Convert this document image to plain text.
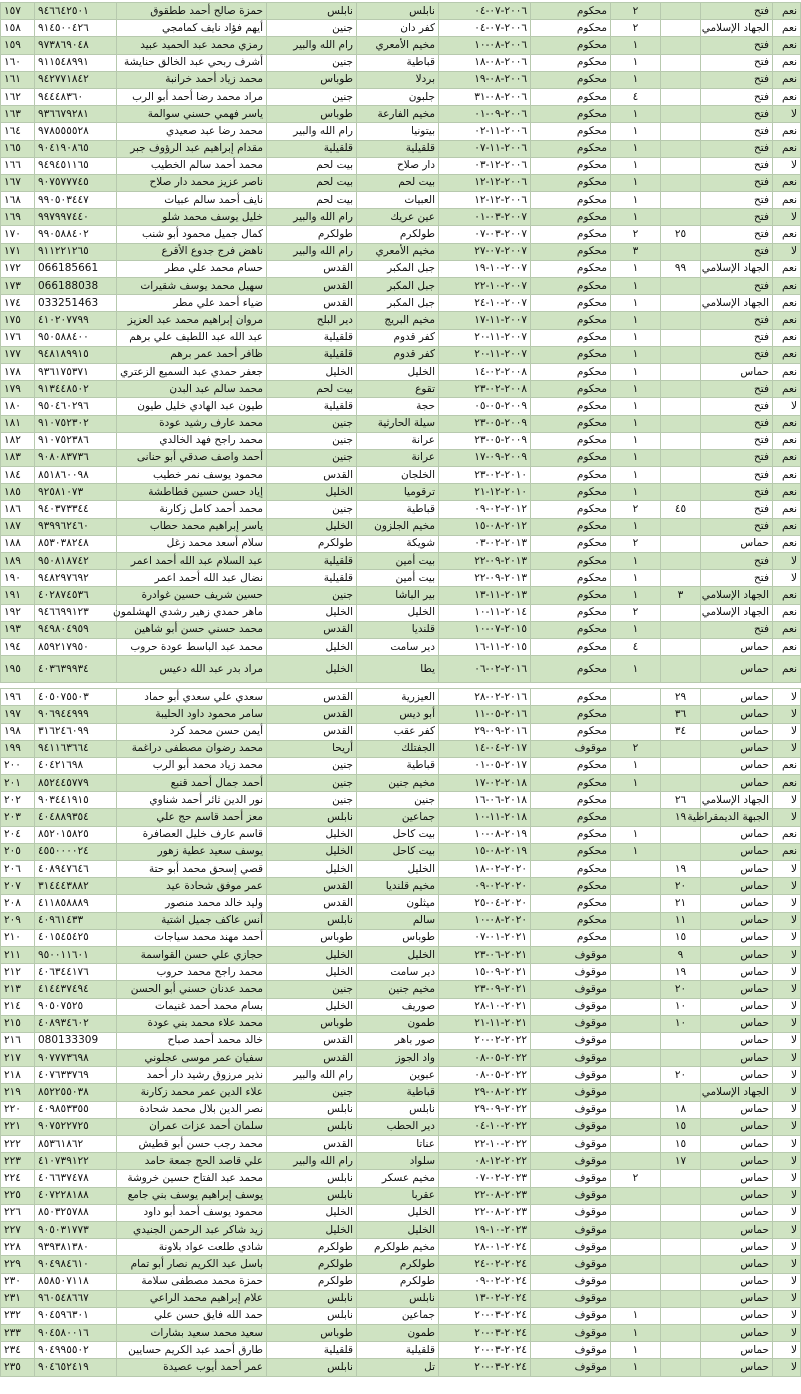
١٥٧	٩٤٦٦٤٢٥٠١	حمزة صالح أحمد ططقوق	نابلس	نابلس	٢٠٠٦-٠٧-٠٤	محكوم	٢		فتح	نعم
١٥٨	٩١٤٥٠٠٤٢٦	أيهم فؤاد نايف كمامجي	جنين	كفر دان	٢٠٠٦-٠٧-٠٤	محكوم	٢		الجهاد الإسلامي	نعم
١٥٩	٩٧٣٨٦٩٠٤٨	رمزي محمد عبد الحميد عبيد	رام الله والبير	مخيم الأمعري	٢٠٠٦-٠٨-١٠	محكوم	١		فتح	نعم
١٦٠	٩١١٥٤٨٩٩١	أشرف ربحي عبد الخالق حنايشة	جنين	قباطية	٢٠٠٦-٠٨-١٨	محكوم	١		فتح	نعم
١٦١	٩٤٢٧٧١٨٤٢	محمد زياد أحمد خرانبة	طوباس	بردلا	٢٠٠٦-٠٨-١٩	محكوم	١		فتح	نعم
١٦٢	٩٤٤٤٨٣٦٠	مراد محمد رضا أحمد أبو الرب	جنين	جلبون	٢٠٠٦-٠٨-٣١	محكوم	٤		فتح	نعم
١٦٣	٩٣٦٦٧٩٢٨١	ياسر فهمي حسني سوالمة	طوباس	مخيم الفارعة	٢٠٠٦-٠٩-٠١	محكوم	١		فتح	لا
١٦٤	٩٧٨٥٥٥٥٢٨	محمد رضا عبد صعيدي	رام الله والبير	بيتونيا	٢٠٠٦-١١-٠٢	محكوم	١		فتح	نعم
١٦٥	٩٠٤١٩٠٨٦٥	مقدام إبراهيم عبد الرؤوف جبر	قلقيلية	قلقيلية	٢٠٠٦-١١-٠٧	محكوم	١		فتح	نعم
١٦٦	٩٤٩٤٥١١٦٥	محمد أحمد سالم الخطيب	بيت لحم	دار صلاح	٢٠٠٦-١٢-٠٣	محكوم	١		فتح	لا
١٦٧	٩٠٧٥٧٧٧٤٥	ناصر عزيز محمد دار صلاح	بيت لحم	بيت لحم	٢٠٠٦-١٢-١٢	محكوم	١		فتح	نعم
١٦٨	٩٩٠٥٠٣٤٤٧	نايف أحمد سالم عبيات	بيت لحم	العبيات	٢٠٠٦-١٢-١٢	محكوم	١		فتح	نعم
١٦٩	٩٩٧٩٩٧٤٤٠	خليل يوسف محمد شلو	رام الله والبير	عين عريك	٢٠٠٧-٠٣-٠١	محكوم	١		فتح	لا
١٧٠	٩٩٠٥٨٨٤٠٢	كمال جميل محمود أبو شنب	طولكرم	طولكرم	٢٠٠٧-٠٣-٠٧	محكوم	٢	٢٥	فتح	نعم
١٧١	٩١١٢٢١٢٦٥	ناهض فرج جدوع الأقرع	رام الله والبير	مخيم الأمعري	٢٠٠٧-٠٧-٢٧	محكوم	٣		فتح	لا
١٧٢	066185661	حسام محمد علي مطر	القدس	جبل المكبر	٢٠٠٧-١٠-١٩	محكوم	١	٩٩	الجهاد الإسلامي	نعم
١٧٣	066188038	سهيل محمد يوسف شقيرات	القدس	جبل المكبر	٢٠٠٧-١٠-٢٢	محكوم	١		فتح	نعم
١٧٤	033251463	ضياء أحمد علي مطر	القدس	جبل المكبر	٢٠٠٧-١٠-٢٤	محكوم	١		الجهاد الإسلامي	نعم
١٧٥	٤١٠٢٠٧٧٩٩	مروان إبراهيم محمد عبد العزيز	دير البلح	مخيم البريج	٢٠٠٧-١١-١٧	محكوم	١		فتح	نعم
١٧٦	٩٥٠٥٨٨٤٠٠	عبد الله عبد اللطيف علي برهم	قلقيلية	كفر قدوم	٢٠٠٧-١١-٢٠	محكوم	١		فتح	نعم
١٧٧	٩٤٨١٨٩٩١٥	ظافر أحمد عمر برهم	قلقيلية	كفر قدوم	٢٠٠٧-١١-٢٠	محكوم	١		فتح	نعم
١٧٨	٩٣٦١٧٥٣٧١	جعفر حمدي عبد السميع الزعتري	الخليل	الخليل	٢٠٠٨-٠٢-١٤	محكوم	١		حماس	نعم
١٧٩	٩١٣٤٤٨٥٠٢	محمد سالم عبد البدن	بيت لحم	تقوع	٢٠٠٨-٠٢-٢٣	محكوم	١		فتح	نعم
١٨٠	٩٥٠٤٦٠٢٩٦	طيون عبد الهادي خليل طيون	قلقيلية	حجة	٢٠٠٩-٠٥-٠٥	محكوم	١		فتح	لا
١٨١	٩١٠٧٥٢٣٠٢	محمد عارف رشيد عودة	جنين	سيلة الحارثية	٢٠٠٩-٠٥-٢٣	محكوم	١		فتح	نعم
١٨٢	٩١٠٧٥٢٣٨٦	محمد راجح فهد الخالدي	جنين	عرانة	٢٠٠٩-٠٥-٢٣	محكوم	١		فتح	نعم
١٨٣	٩٠٨٠٨٣٧٣٦	أحمد واصف صدقي أبو حنانى	جنين	عرانة	٢٠٠٩-٠٩-١٧	محكوم	١		فتح	نعم
١٨٤	٨٥١٨٦٠٠٩٨	محمود يوسف نمر خطيب	القدس	الخلجان	٢٠١٠-٠٢-٢٣	محكوم	١		فتح	نعم
١٨٥	٩٢٥٨١٠٧٣	إياد حسن حسين قطاطشة	الخليل	ترقوميا	٢٠١٠-١٢-٢١	محكوم	١		فتح	نعم
١٨٦	٩٤٠٣٧٣٣٤٤	محمد أحمد كامل زكارنة	جنين	قباطية	٢٠١٢-٠٢-٠٩	محكوم	٢	٤٥	فتح	نعم
١٨٧	٩٣٩٩٦٢٤٦٠	ياسر إبراهيم محمد حطاب	الخليل	مخيم الجلزون	٢٠١٢-٠٨-١٥	محكوم	١		فتح	نعم
١٨٨	٨٥٣٠٣٨٢٤٨	سلام أسعد محمد زغل	طولكرم	شويكة	٢٠١٣-٠٢-٠٣	محكوم	٢		حماس	نعم
١٨٩	٩٥٠٨١٨٧٤٢	عبد السلام عبد الله أحمد اعمر	قلقيلية	بيت أمين	٢٠١٣-٠٩-٢٢	محكوم	١		فتح	لا
١٩٠	٩٤٨٢٩٧٦٩٢	نضال عبد الله أحمد اعمر	قلقيلية	بيت أمين	٢٠١٣-٠٩-٢٢	محكوم	١		فتح	لا
١٩١	٤٠٢٨٧٤٥٣٦	حسين شريف حسين غوادرة	جنين	بير الباشا	٢٠١٣-١١-١٣	محكوم	١	٣	الجهاد الإسلامي	نعم
١٩٢	٩٤٦٦٩٩١٢٣	ماهر حمدي زهير رشدي الهشلمون	الخليل	الخليل	٢٠١٤-١١-١٠	محكوم	٢		الجهاد الإسلامي	نعم
١٩٣	٩٤٩٨٠٤٩٥٩	محمد حسني حسن أبو شاهين	القدس	قلنديا	٢٠١٥-٠٧-١٠	محكوم	١		فتح	نعم
١٩٤	٨٥٩٢١٧٩٥٠	محمد عبد الباسط عودة حروب	الخليل	دير سامت	٢٠١٥-١١-١٦	محكوم	٤		حماس	نعم
١٩٥	٤٠٣٦٣٩٩٣٤	مراد بدر عبد الله دعيس	الخليل	يطا	٢٠١٦-٠٢-٠٦	محكوم	١		حماس	نعم

١٩٦	٤٠٥٠٧٥٥٠٣	سعدي علي سعدي أبو حماد	القدس	العيزرية	٢٠١٦-٠٢-٢٨	محكوم		٢٩	حماس	لا
١٩٧	٩٠٦٩٤٤٩٩٩	سامر محمود داود الحليبة	القدس	أبو ديس	٢٠١٦-٠٥-١١	محكوم		٣٦	حماس	لا
١٩٨	٣١٦٢٤٦٠٩٩	أيمن حسن محمد كرد	القدس	كفر عقب	٢٠١٦-٠٩-٢٩	محكوم		٣٤	حماس	لا
١٩٩	٩٤١١٦٣٦٦٤	محمد رضوان مصطفى دراغمة	أريحا	الجفتلك	٢٠١٧-٠٤-١٤	موقوف	٢		حماس	لا
٢٠٠	٤٠٤٢١٦٩٨	محمد زياد محمد أبو الرب	جنين	قباطية	٢٠١٧-٠٥-٠١	محكوم	١		حماس	نعم
٢٠١	٨٥٢٤٤٥٧٧٩	أحمد جمال أحمد قنبع	جنين	مخيم جنين	٢٠١٨-٠٢-١٧	محكوم	١		حماس	نعم
٢٠٢	٩٠٣٤٤١٩١٥	نور الدين ثائر أحمد شناوي	جنين	جنين	٢٠١٨-٠٦-١٦	محكوم		٢٦	الجهاد الإسلامي	لا
٢٠٣	٤٠٤٨٨٩٣٥٤	معز أحمد قاسم حج علي	نابلس	جماعين	٢٠١٨-١١-١٠	محكوم		١٩	الجبهة الديمقراطية	لا
٢٠٤	٨٥٢٠١٥٨٢٥	قاسم عارف خليل العصافرة	الخليل	بيت كاحل	٢٠١٩-٠٨-١٠	محكوم	١		حماس	نعم
٢٠٥	٤٥٥٠٠٠٠٢٤	يوسف سعيد عطية زهور	الخليل	بيت كاحل	٢٠١٩-٠٨-١٥	محكوم	١		حماس	نعم
٢٠٦	٤٠٨٩٤٧٦٤٦	قصي إسحق محمد أبو حتة	الخليل	الخليل	٢٠٢٠-٠٢-١٨	محكوم		١٩	حماس	لا
٢٠٧	٣١٤٤٤٣٨٨٢	عمر موفق شحادة عيد	القدس	مخيم قلنديا	٢٠٢٠-٠٢-٠٩	محكوم		٢٠	حماس	لا
٢٠٨	٤١١٨٥٨٨٨٩	وليد خالد محمد منصور	القدس	ميثلون	٢٠٢٠-٠٤-٢٥	محكوم		٢١	حماس	لا
٢٠٩	٤٠٩٦١٤٣٣	أنس عاكف جميل اشتية	نابلس	سالم	٢٠٢٠-٠٨-١٠	محكوم		١١	حماس	لا
٢١٠	٤٠١٥٤٥٤٢٥	أحمد مهند محمد سياجات	طوباس	طوباس	٢٠٢١-٠١-٠٧	محكوم		١٥	حماس	لا
٢١١	٩٥٠٠١١٦٠١	حجازي علي حسن القواسمة	الخليل	الخليل	٢٠٢١-٠٦-٢٣	موقوف		٩	حماس	لا
٢١٢	٤٠٦٣٤٤١٧٦	محمد راجح محمد حروب	الخليل	دير سامت	٢٠٢١-٠٩-١٥	موقوف		١٩	حماس	لا
٢١٣	٤١٤٤٣٧٤٩٤	محمد عدنان حسني أبو الحسن	جنين	مخيم جنين	٢٠٢١-٠٩-٢٣	موقوف		٢٠	حماس	لا
٢١٤	٩٠٥٠٧٥٢٥	بسام محمد أحمد غنيمات	الخليل	صوريف	٢٠٢١-١٠-٢٨	موقوف		١٠	حماس	لا
٢١٥	٤٠٨٩٣٤٦٠٢	محمد علاء محمد بني عودة	طوباس	طمون	٢٠٢١-١١-٢١	موقوف		١٠	حماس	لا
٢١٦	080133309	خالد محمد أحمد صباح	القدس	صور باهر	٢٠٢٢-٠٢-٢٠	موقوف			حماس	لا
٢١٧	٩٠٧٧٧٣٦٩٨	سفيان عمر موسى عجلوني	القدس	واد الجوز	٢٠٢٢-٠٥-٠٨	موقوف			حماس	لا
٢١٨	٤٠٧٦٣٣٧٦٩	نذير مرزوق رشيد دار أحمد	رام الله والبير	عبوين	٢٠٢٢-٠٥-٠٨	موقوف		٢٠	حماس	لا
٢١٩	٨٥٢٢٥٥٠٣٨	علاء الدين عمر محمد زكارنة	جنين	قباطية	٢٠٢٢-٠٨-٢٩	موقوف			الجهاد الإسلامي	لا
٢٢٠	٤٠٩٨٥٣٣٥٥	نصر الدين بلال محمد شحادة	نابلس	نابلس	٢٠٢٢-٠٩-٢٩	موقوف		١٨	حماس	لا
٢٢١	٩٠٧٥٢٢٧٢٥	سلمان أحمد عزات عمران	نابلس	دير الحطب	٢٠٢٢-١٠-٠٤	موقوف		١٥	حماس	لا
٢٢٢	٨٥٣٦١٨٦٢	محمد رجب حسن أبو قطيش	القدس	عناتا	٢٠٢٢-١٠-٢٢	موقوف		١٥	حماس	لا
٢٢٣	٤١٠٧٣٩١٢٢	علي قاصد الحج جمعة حامد	رام الله والبير	سلواد	٢٠٢٢-١٢-٠٨	موقوف		١٧	حماس	لا
٢٢٤	٤٠٦٦٣٧٤٧٨	محمد عبد الفتاح حسين خروشة	نابلس	مخيم عسكر	٢٠٢٣-٠٢-٠٧	موقوف	٢		حماس	لا
٢٢٥	٤٠٧٢٢٨١٨٨	يوسف إبراهيم يوسف بني جامع	نابلس	عقربا	٢٠٢٣-٠٨-٢٢	موقوف			حماس	لا
٢٢٦	٨٥٠٣٢٥٧٨٨	محمود يوسف أحمد أبو داود	الخليل	الخليل	٢٠٢٣-٠٨-٢٢	موقوف			حماس	لا
٢٢٧	٩٠٥٠٣١٧٧٣	زيد شاكر عبد الرحمن الجنيدي	الخليل	الخليل	٢٠٢٣-١٠-١٩	موقوف			حماس	لا
٢٢٨	٩٣٩٣٨١٣٨٠	شادي طلعت عواد بلاونة	طولكرم	مخيم طولكرم	٢٠٢٤-٠١-٢٨	موقوف			حماس	لا
٢٢٩	٩٠٤٩٨٤٦١٠	باسل عبد الكريم نصار أبو تمام	طولكرم	طولكرم	٢٠٢٤-٠٢-٢٤	موقوف			حماس	لا
٢٣٠	٨٥٨٥٠٧١١٨	حمزة محمد مصطفى سلامة	طولكرم	طولكرم	٢٠٢٤-٠٢-٠٩	موقوف			حماس	لا
٢٣١	٩٦٠٥٤٨٦٦٧	علام إبراهيم محمد الراعي	نابلس	نابلس	٢٠٢٤-٠٢-١٣	موقوف			حماس	لا
٢٣٢	٩٠٤٥٩٦٣٠١	حمد الله فايق حسن علي	نابلس	جماعين	٢٠٢٤-٠٣-٢٠	موقوف	١		حماس	لا
٢٣٣	٩٠٤٥٨٠٠١٦	سعيد محمد سعيد بشارات	طوباس	طمون	٢٠٢٤-٠٣-٢٠	موقوف	١		حماس	لا
٢٣٤	٩٠٤٩٩٥٥٠٢	طارق أحمد عبد الكريم حسايين	قلقيلية	قلقيلية	٢٠٢٤-٠٣-٢٠	موقوف	١		حماس	لا
٢٣٥	٩٠٤٦٥٢٤١٩	عمر أحمد أيوب عصيدة	نابلس	تل	٢٠٢٤-٠٣-٢٠	موقوف	١		حماس	لا
